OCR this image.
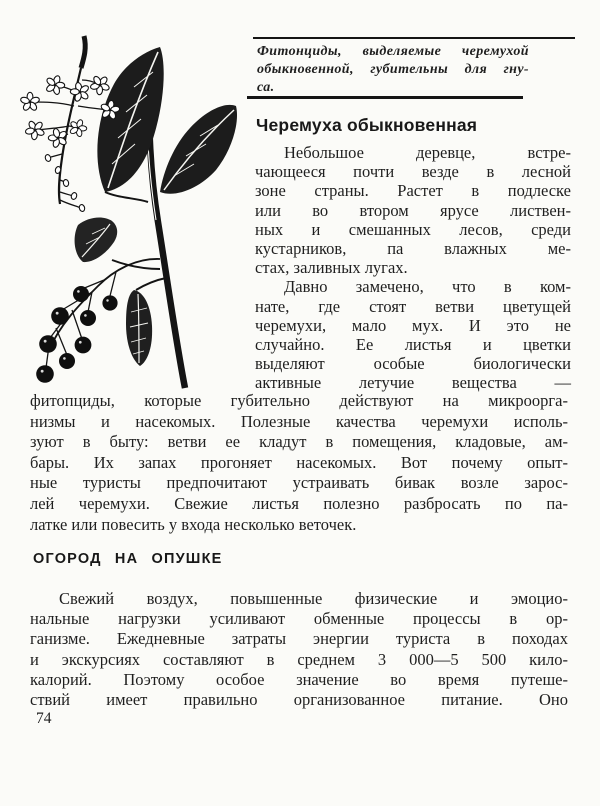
Фитонциды, выделяемые черемухой
обыкновенной, губительны для гну-
са.
Черемуха обыкновенная
Небольшое деревце, встре-
чающееся почти везде в лесной
зоне страны. Растет в подлеске
или во втором ярусе листвен-
ных и смешанных лесов, среди
кустарников, па влажных ме-
стах, заливных лугах.
Давно замечено, что в ком-
нате, где стоят ветви цветущей
черемухи, мало мух. И это не
случайно. Ее листья и цветки
выделяют особые биологически
активные летучие вещества —
фитопциды, которые губительно действуют на микроорга-
низмы и насекомых. Полезные качества черемухи исполь-
зуют в быту: ветви ее кладут в помещения, кладовые, ам-
бары. Их запах прогоняет насекомых. Вот почему опыт-
ные туристы предпочитают устраивать бивак возле зарос-
лей черемухи. Свежие листья полезно разбросать по па-
латке или повесить у входа несколько веточек.
ОГОРОД НА ОПУШКЕ
Свежий воздух, повышенные физические и эмоцио-
нальные нагрузки усиливают обменные процессы в ор-
ганизме. Ежедневные затраты энергии туриста в походах
и экскурсиях составляют в среднем 3 000—5 500 кило-
калорий. Поэтому особое значение во время путеше-
ствий имеет правильно организованное питание. Оно
74
